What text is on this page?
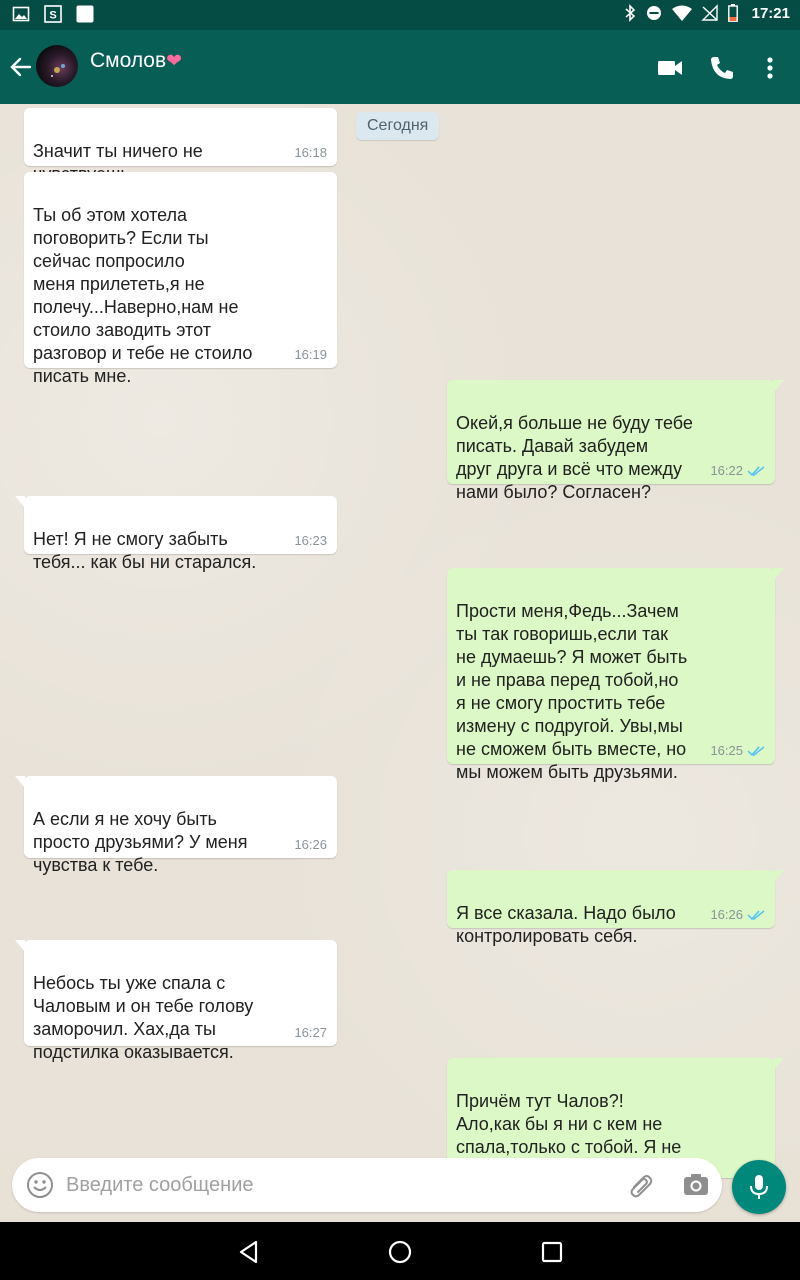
S	17:21
Смолов❤
Сегодня

Значит ты ничего не	16:18

Ты об этом хотела
поговорить? Если ты
сейчас попросило
меня прилететь,я не
полечу...Наверно,нам не
стоило заводить этот
разговор и тебе не стоило
писать мне.

16:19

Окей,я больше не буду тебе
писать. Давай забудем
друг друга и всё что между
нами было? Согласен?

16:22

Нет! Я не смогу забыть
тебя... как бы ни старался.

16:23

Прости меня,Федь...Зачем
ты так говоришь,если так
не думаешь? Я может быть
и не права перед тобой,но
я не смогу простить тебе
измену с подругой. Увы,мы
не сможем быть вместе, но
мы можем быть друзьями.

16:25

А если я не хочу быть
просто друзьями? У меня
чувства к тебе.

16:26

Я все сказала. Надо было
контролировать себя.

16:26

Небось ты уже спала с
Чаловым и он тебе голову
заморочил. Хах,да ты
подстилка оказывается.

16:27

Причём тут Чалов?!
Ало,как бы я ни с кем не
спала,только с тобой. Я не

Введите сообщение
